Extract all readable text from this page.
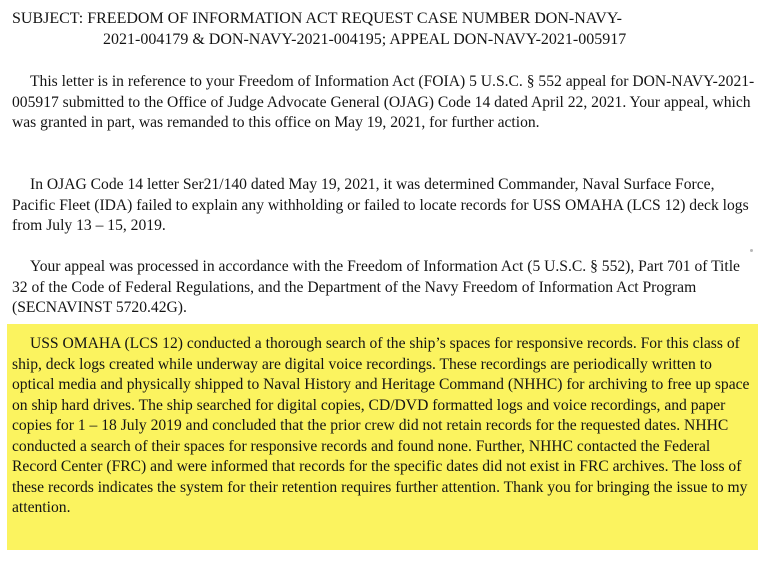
SUBJECT: FREEDOM OF INFORMATION ACT REQUEST CASE NUMBER DON-NAVY-
2021-004179 & DON-NAVY-2021-004195; APPEAL DON-NAVY-2021-005917

This letter is in reference to your Freedom of Information Act (FOIA) 5 U.S.C. § 552 appeal for DON-NAVY-2021-005917 submitted to the Office of Judge Advocate General (OJAG) Code 14 dated April 22, 2021. Your appeal, which was granted in part, was remanded to this office on May 19, 2021, for further action.

In OJAG Code 14 letter Ser21/140 dated May 19, 2021, it was determined Commander, Naval Surface Force, Pacific Fleet (IDA) failed to explain any withholding or failed to locate records for USS OMAHA (LCS 12) deck logs from July 13 – 15, 2019.

Your appeal was processed in accordance with the Freedom of Information Act (5 U.S.C. § 552), Part 701 of Title 32 of the Code of Federal Regulations, and the Department of the Navy Freedom of Information Act Program (SECNAVINST 5720.42G).

USS OMAHA (LCS 12) conducted a thorough search of the ship’s spaces for responsive records. For this class of ship, deck logs created while underway are digital voice recordings. These recordings are periodically written to optical media and physically shipped to Naval History and Heritage Command (NHHC) for archiving to free up space on ship hard drives. The ship searched for digital copies, CD/DVD formatted logs and voice recordings, and paper copies for 1 – 18 July 2019 and concluded that the prior crew did not retain records for the requested dates. NHHC conducted a search of their spaces for responsive records and found none. Further, NHHC contacted the Federal Record Center (FRC) and were informed that records for the specific dates did not exist in FRC archives. The loss of these records indicates the system for their retention requires further attention. Thank you for bringing the issue to my attention.
